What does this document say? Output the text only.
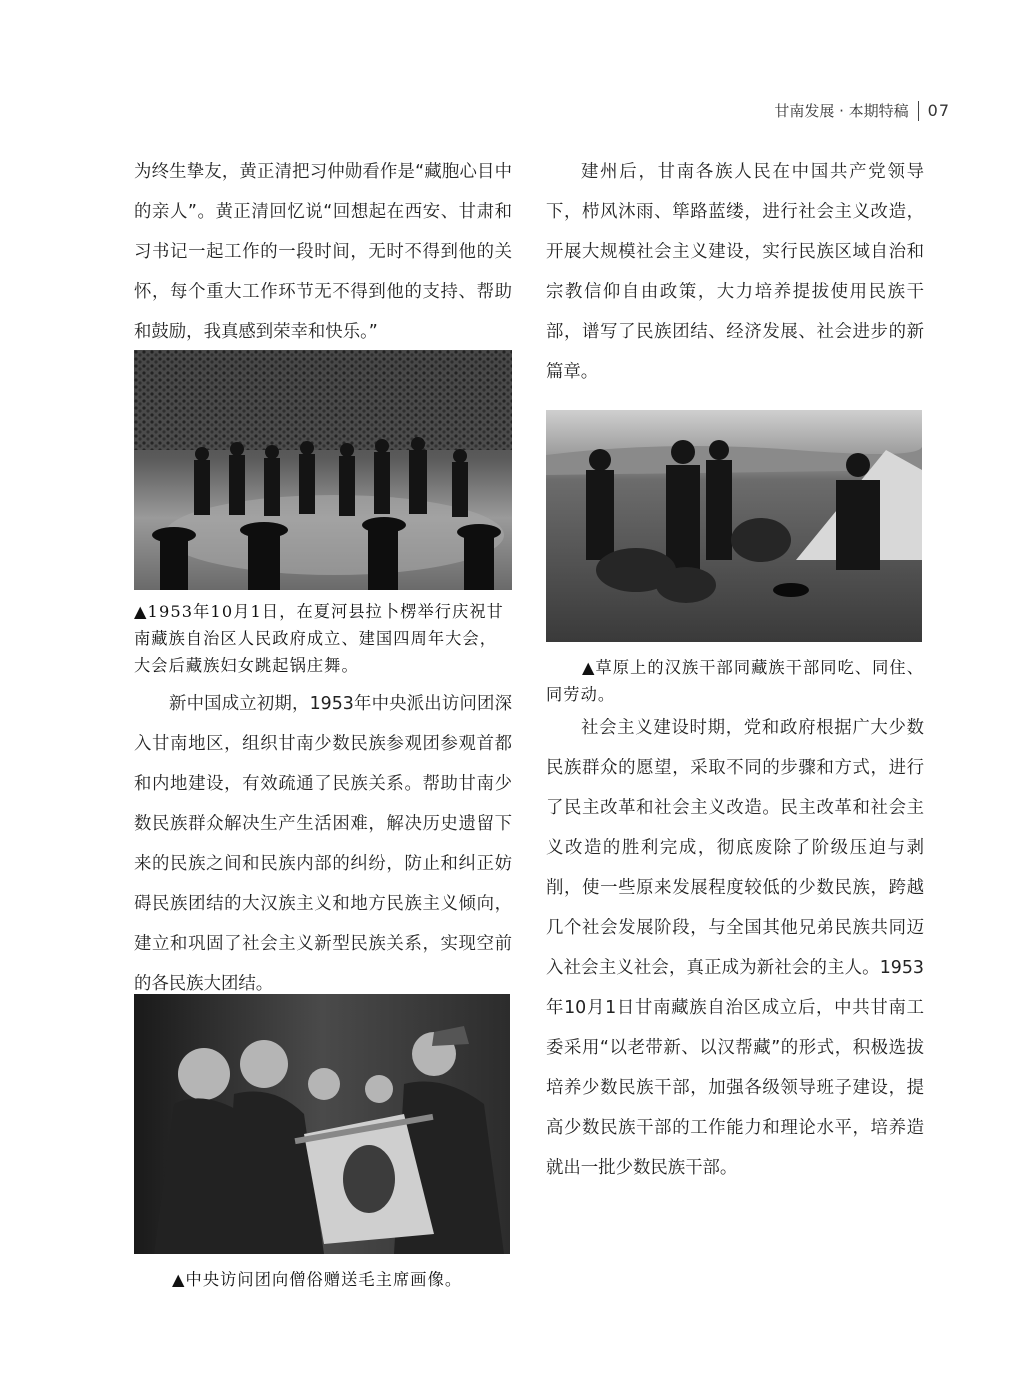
甘南发展 · 本期特稿 07

为终生挚友，黄正清把习仲勋看作是“藏胞心目中的亲人”。黄正清回忆说“回想起在西安、甘肃和习书记一起工作的一段时间，无时不得到他的关怀，每个重大工作环节无不得到他的支持、帮助和鼓励，我真感到荣幸和快乐。”

▲1953年10月1日，在夏河县拉卜楞举行庆祝甘南藏族自治区人民政府成立、建国四周年大会，大会后藏族妇女跳起锅庄舞。

新中国成立初期，1953年中央派出访问团深入甘南地区，组织甘南少数民族参观团参观首都和内地建设，有效疏通了民族关系。帮助甘南少数民族群众解决生产生活困难，解决历史遗留下来的民族之间和民族内部的纠纷，防止和纠正妨碍民族团结的大汉族主义和地方民族主义倾向，建立和巩固了社会主义新型民族关系，实现空前的各民族大团结。

▲中央访问团向僧俗赠送毛主席画像。

建州后，甘南各族人民在中国共产党领导下，栉风沐雨、筚路蓝缕，进行社会主义改造，开展大规模社会主义建设，实行民族区域自治和宗教信仰自由政策，大力培养提拔使用民族干部，谱写了民族团结、经济发展、社会进步的新篇章。

▲草原上的汉族干部同藏族干部同吃、同住、同劳动。

社会主义建设时期，党和政府根据广大少数民族群众的愿望，采取不同的步骤和方式，进行了民主改革和社会主义改造。民主改革和社会主义改造的胜利完成，彻底废除了阶级压迫与剥削，使一些原来发展程度较低的少数民族，跨越几个社会发展阶段，与全国其他兄弟民族共同迈入社会主义社会，真正成为新社会的主人。1953年10月1日甘南藏族自治区成立后，中共甘南工委采用“以老带新、以汉帮藏”的形式，积极选拔培养少数民族干部，加强各级领导班子建设，提高少数民族干部的工作能力和理论水平，培养造就出一批少数民族干部。
